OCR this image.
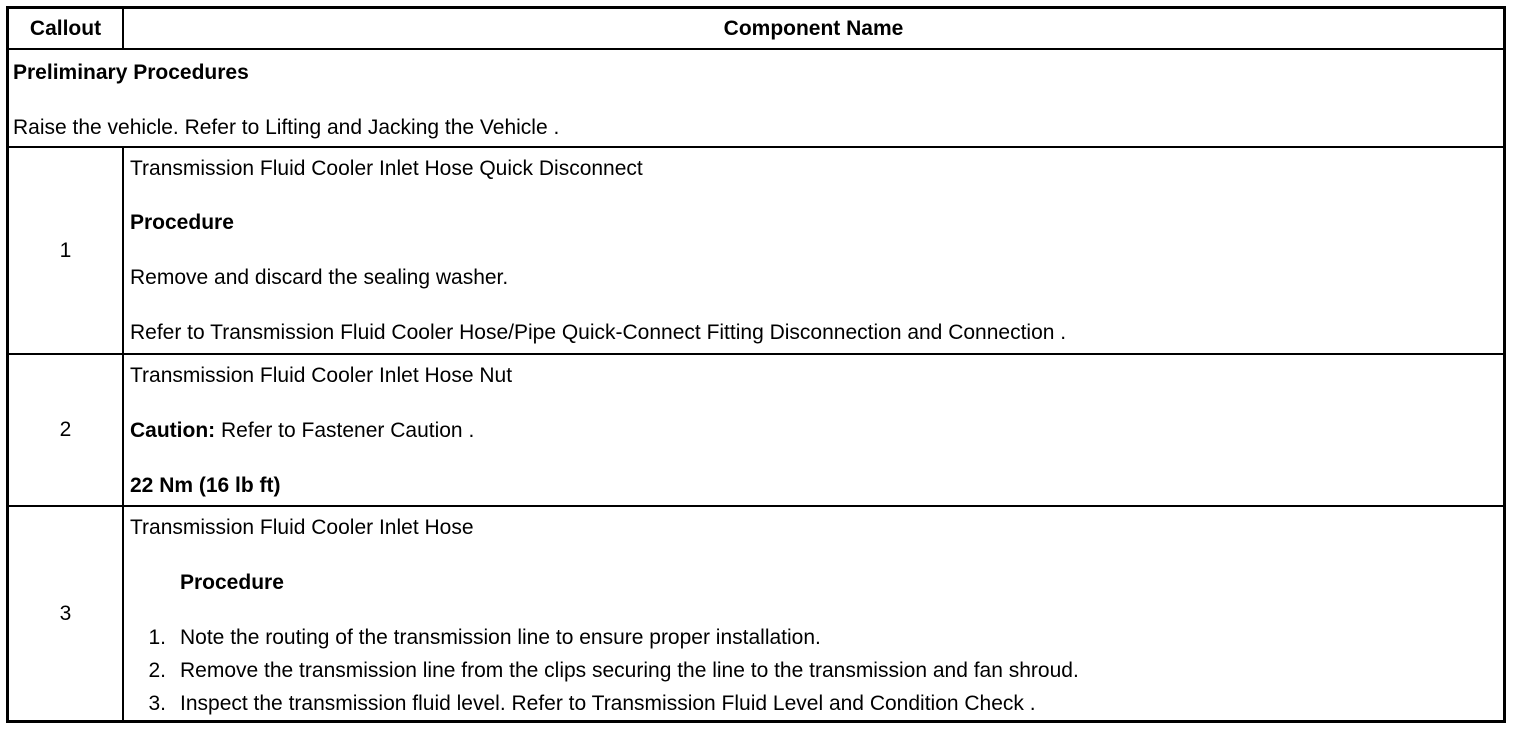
Callout	Component Name
Preliminary Procedures
Raise the vehicle. Refer to Lifting and Jacking the Vehicle .
1
Transmission Fluid Cooler Inlet Hose Quick Disconnect
Procedure
Remove and discard the sealing washer.
Refer to Transmission Fluid Cooler Hose/Pipe Quick-Connect Fitting Disconnection and Connection .
2
Transmission Fluid Cooler Inlet Hose Nut
Caution: Refer to Fastener Caution .
22 Nm (16 lb ft)
3
Transmission Fluid Cooler Inlet Hose
Procedure
1. Note the routing of the transmission line to ensure proper installation.
2. Remove the transmission line from the clips securing the line to the transmission and fan shroud.
3. Inspect the transmission fluid level. Refer to Transmission Fluid Level and Condition Check .
